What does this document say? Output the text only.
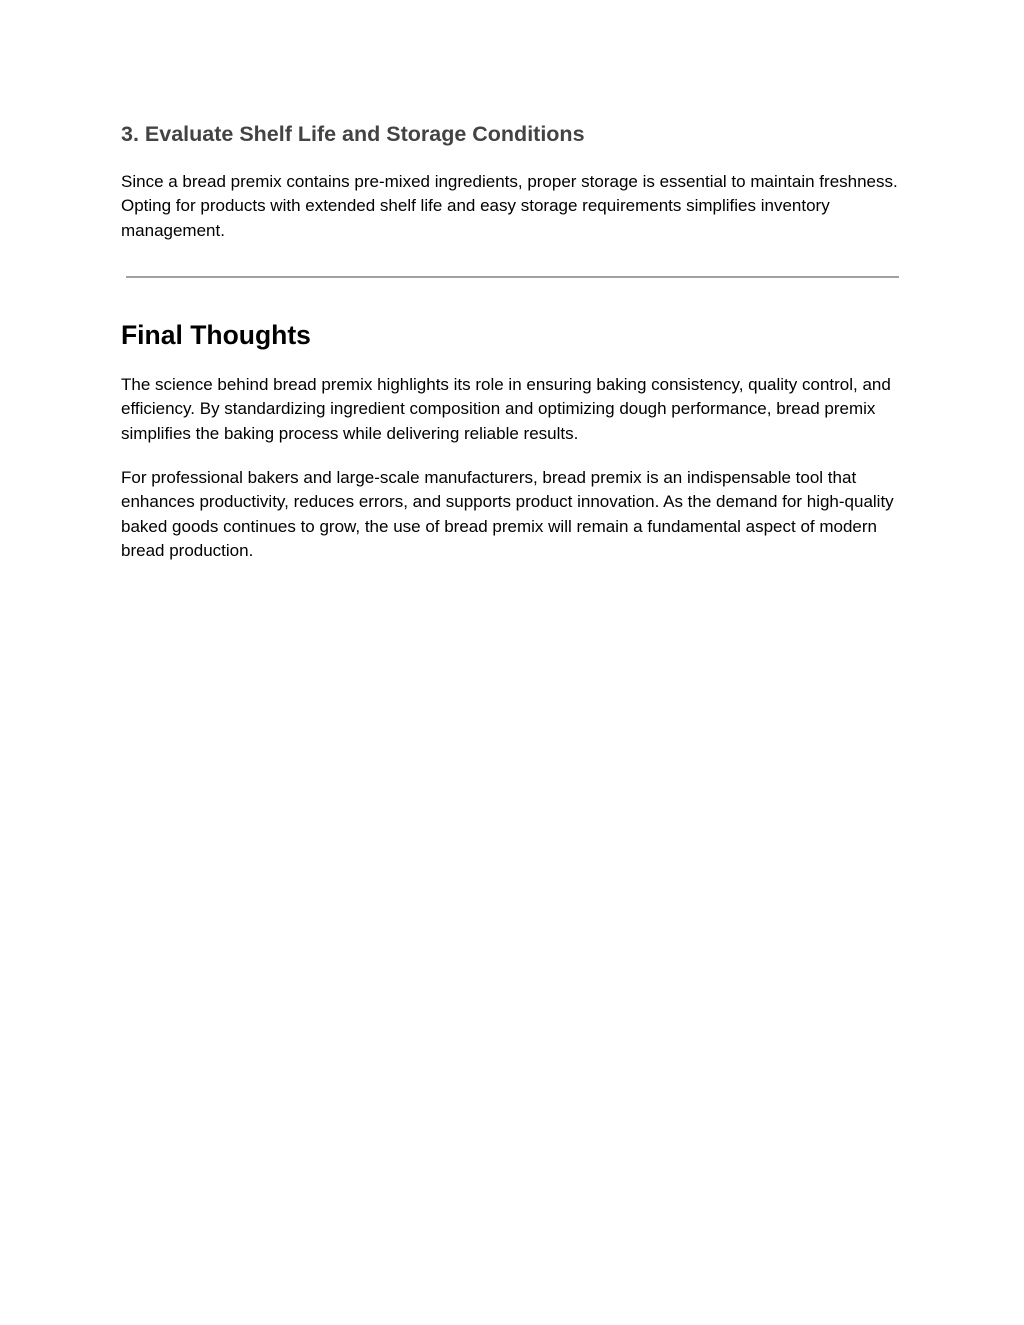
3. Evaluate Shelf Life and Storage Conditions

Since a bread premix contains pre-mixed ingredients, proper storage is essential to maintain freshness. Opting for products with extended shelf life and easy storage requirements simplifies inventory management.

Final Thoughts

The science behind bread premix highlights its role in ensuring baking consistency, quality control, and efficiency. By standardizing ingredient composition and optimizing dough performance, bread premix simplifies the baking process while delivering reliable results.

For professional bakers and large-scale manufacturers, bread premix is an indispensable tool that enhances productivity, reduces errors, and supports product innovation. As the demand for high-quality baked goods continues to grow, the use of bread premix will remain a fundamental aspect of modern bread production.
